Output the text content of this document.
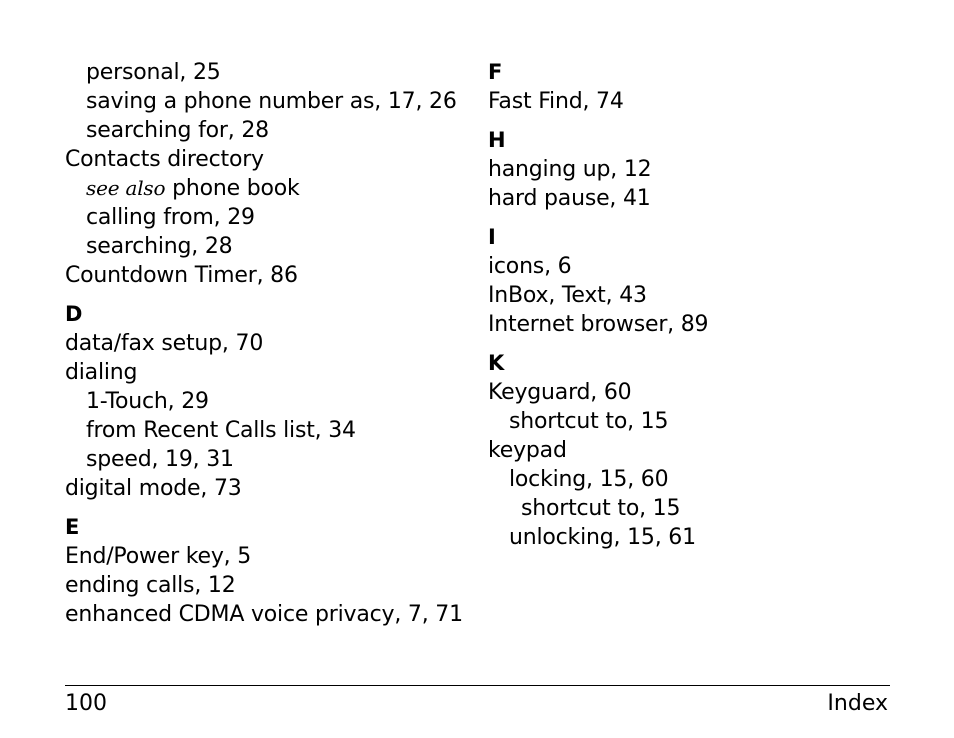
personal, 25
saving a phone number as, 17, 26
searching for, 28
Contacts directory
see also phone book
calling from, 29
searching, 28
Countdown Timer, 86
D
data/fax setup, 70
dialing
1-Touch, 29
from Recent Calls list, 34
speed, 19, 31
digital mode, 73
E
End/Power key, 5
ending calls, 12
enhanced CDMA voice privacy, 7, 71
F
Fast Find, 74
H
hanging up, 12
hard pause, 41
I
icons, 6
InBox, Text, 43
Internet browser, 89
K
Keyguard, 60
shortcut to, 15
keypad
locking, 15, 60
shortcut to, 15
unlocking, 15, 61
100	Index
